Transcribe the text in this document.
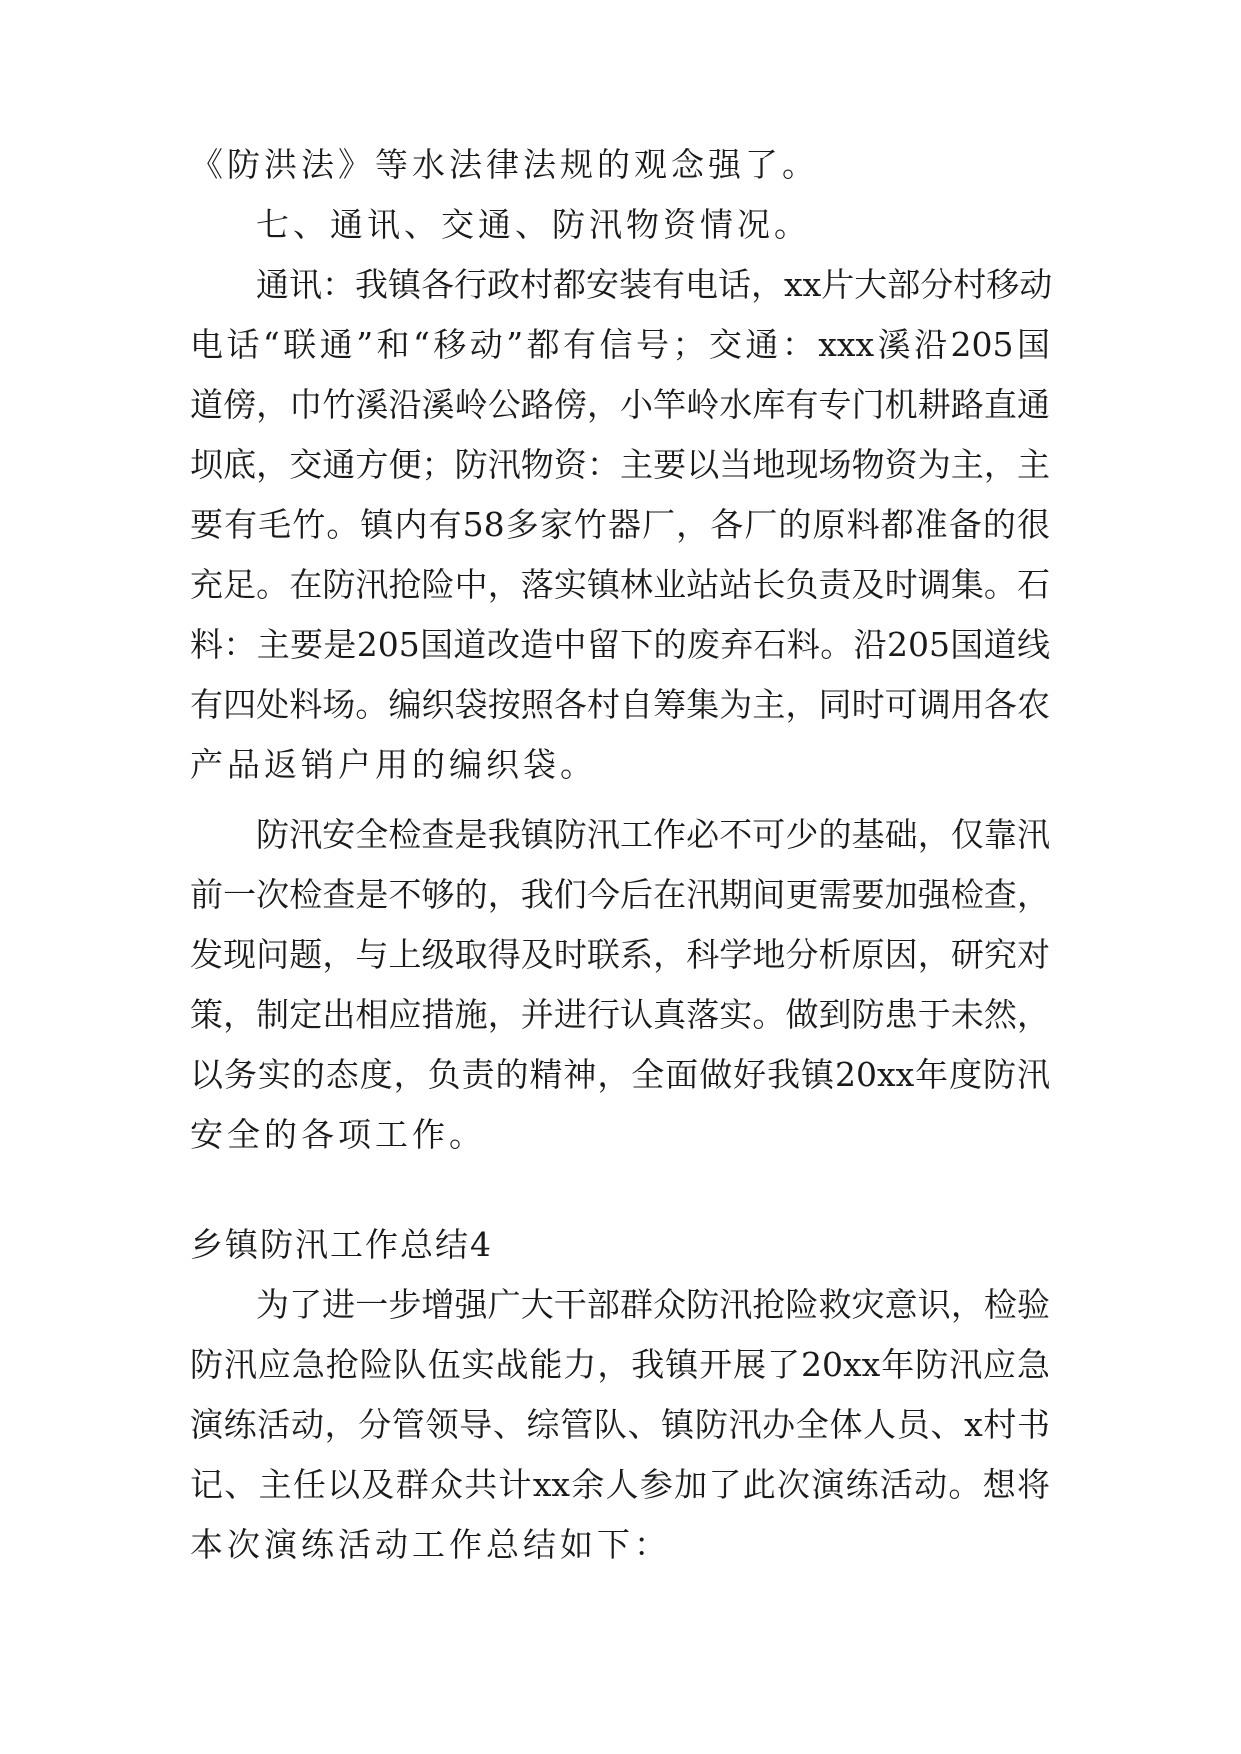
《防洪法》等水法律法规的观念强了。
七、通讯、交通、防汛物资情况。
通讯：我镇各行政村都安装有电话，xx片大部分村移动
电话“联通”和“移动”都有信号；交通：xxx溪沿205国
道傍，巾竹溪沿溪岭公路傍，小竿岭水库有专门机耕路直通
坝底，交通方便；防汛物资：主要以当地现场物资为主，主
要有毛竹。镇内有58多家竹器厂，各厂的原料都准备的很
充足。在防汛抢险中，落实镇林业站站长负责及时调集。石
料：主要是205国道改造中留下的废弃石料。沿205国道线
有四处料场。编织袋按照各村自筹集为主，同时可调用各农
产品返销户用的编织袋。
防汛安全检查是我镇防汛工作必不可少的基础，仅靠汛
前一次检查是不够的，我们今后在汛期间更需要加强检查，
发现问题，与上级取得及时联系，科学地分析原因，研究对
策，制定出相应措施，并进行认真落实。做到防患于未然，
以务实的态度，负责的精神，全面做好我镇20xx年度防汛
安全的各项工作。
乡镇防汛工作总结4
为了进一步增强广大干部群众防汛抢险救灾意识，检验
防汛应急抢险队伍实战能力，我镇开展了20xx年防汛应急
演练活动，分管领导、综管队、镇防汛办全体人员、x村书
记、主任以及群众共计xx余人参加了此次演练活动。想将
本次演练活动工作总结如下：
